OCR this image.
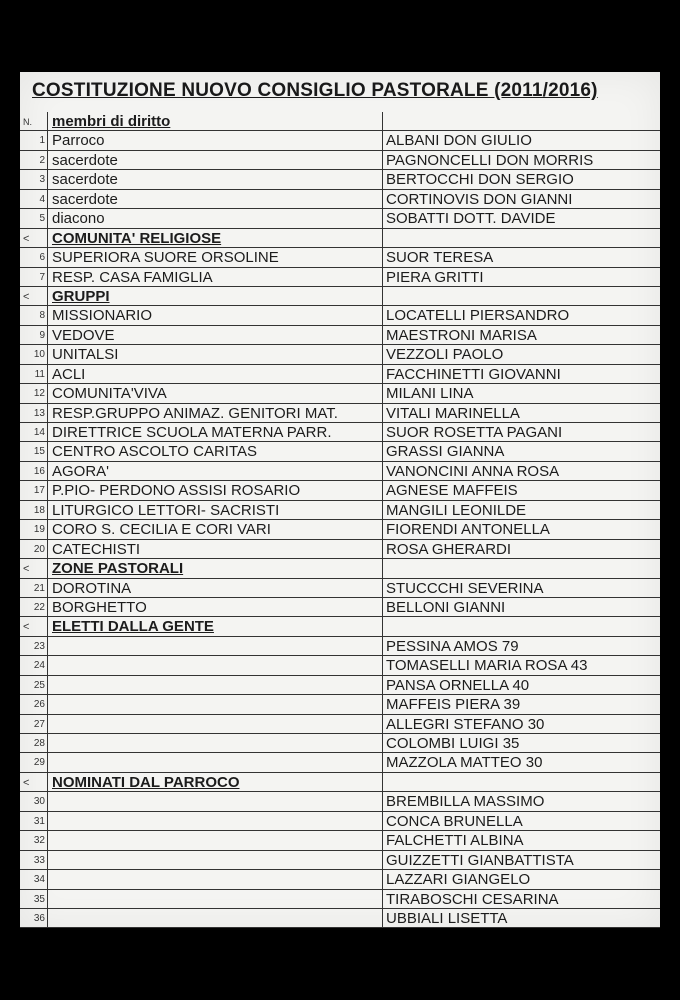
COSTITUZIONE NUOVO CONSIGLIO PASTORALE (2011/2016)
N.	membri di diritto
1 Parroco	ALBANI DON GIULIO
2 sacerdote	PAGNONCELLI DON MORRIS
3 sacerdote	BERTOCCHI DON SERGIO
4 sacerdote	CORTINOVIS DON GIANNI
5 diacono	SOBATTI DOTT. DAVIDE
<	COMUNITA' RELIGIOSE
6 SUPERIORA SUORE ORSOLINE	SUOR TERESA
7 RESP. CASA FAMIGLIA	PIERA GRITTI
<	GRUPPI
8 MISSIONARIO	LOCATELLI PIERSANDRO
9 VEDOVE	MAESTRONI MARISA
10 UNITALSI	VEZZOLI PAOLO
11 ACLI	FACCHINETTI GIOVANNI
12 COMUNITA'VIVA	MILANI LINA
13 RESP.GRUPPO ANIMAZ. GENITORI MAT.	VITALI MARINELLA
14 DIRETTRICE SCUOLA MATERNA PARR.	SUOR ROSETTA PAGANI
15 CENTRO ASCOLTO CARITAS	GRASSI GIANNA
16 AGORA'	VANONCINI ANNA ROSA
17 P.PIO- PERDONO ASSISI ROSARIO	AGNESE MAFFEIS
18 LITURGICO LETTORI- SACRISTI	MANGILI LEONILDE
19 CORO S. CECILIA E CORI VARI	FIORENDI ANTONELLA
20 CATECHISTI	ROSA GHERARDI
<	ZONE PASTORALI
21 DOROTINA	STUCCCHI SEVERINA
22 BORGHETTO	BELLONI GIANNI
<	ELETTI DALLA GENTE
23	PESSINA AMOS 79
24	TOMASELLI MARIA ROSA 43
25	PANSA ORNELLA 40
26	MAFFEIS PIERA 39
27	ALLEGRI STEFANO 30
28	COLOMBI LUIGI 35
29	MAZZOLA MATTEO 30
<	NOMINATI DAL PARROCO
30	BREMBILLA MASSIMO
31	CONCA BRUNELLA
32	FALCHETTI ALBINA
33	GUIZZETTI GIANBATTISTA
34	LAZZARI GIANGELO
35	TIRABOSCHI CESARINA
36	UBBIALI LISETTA
